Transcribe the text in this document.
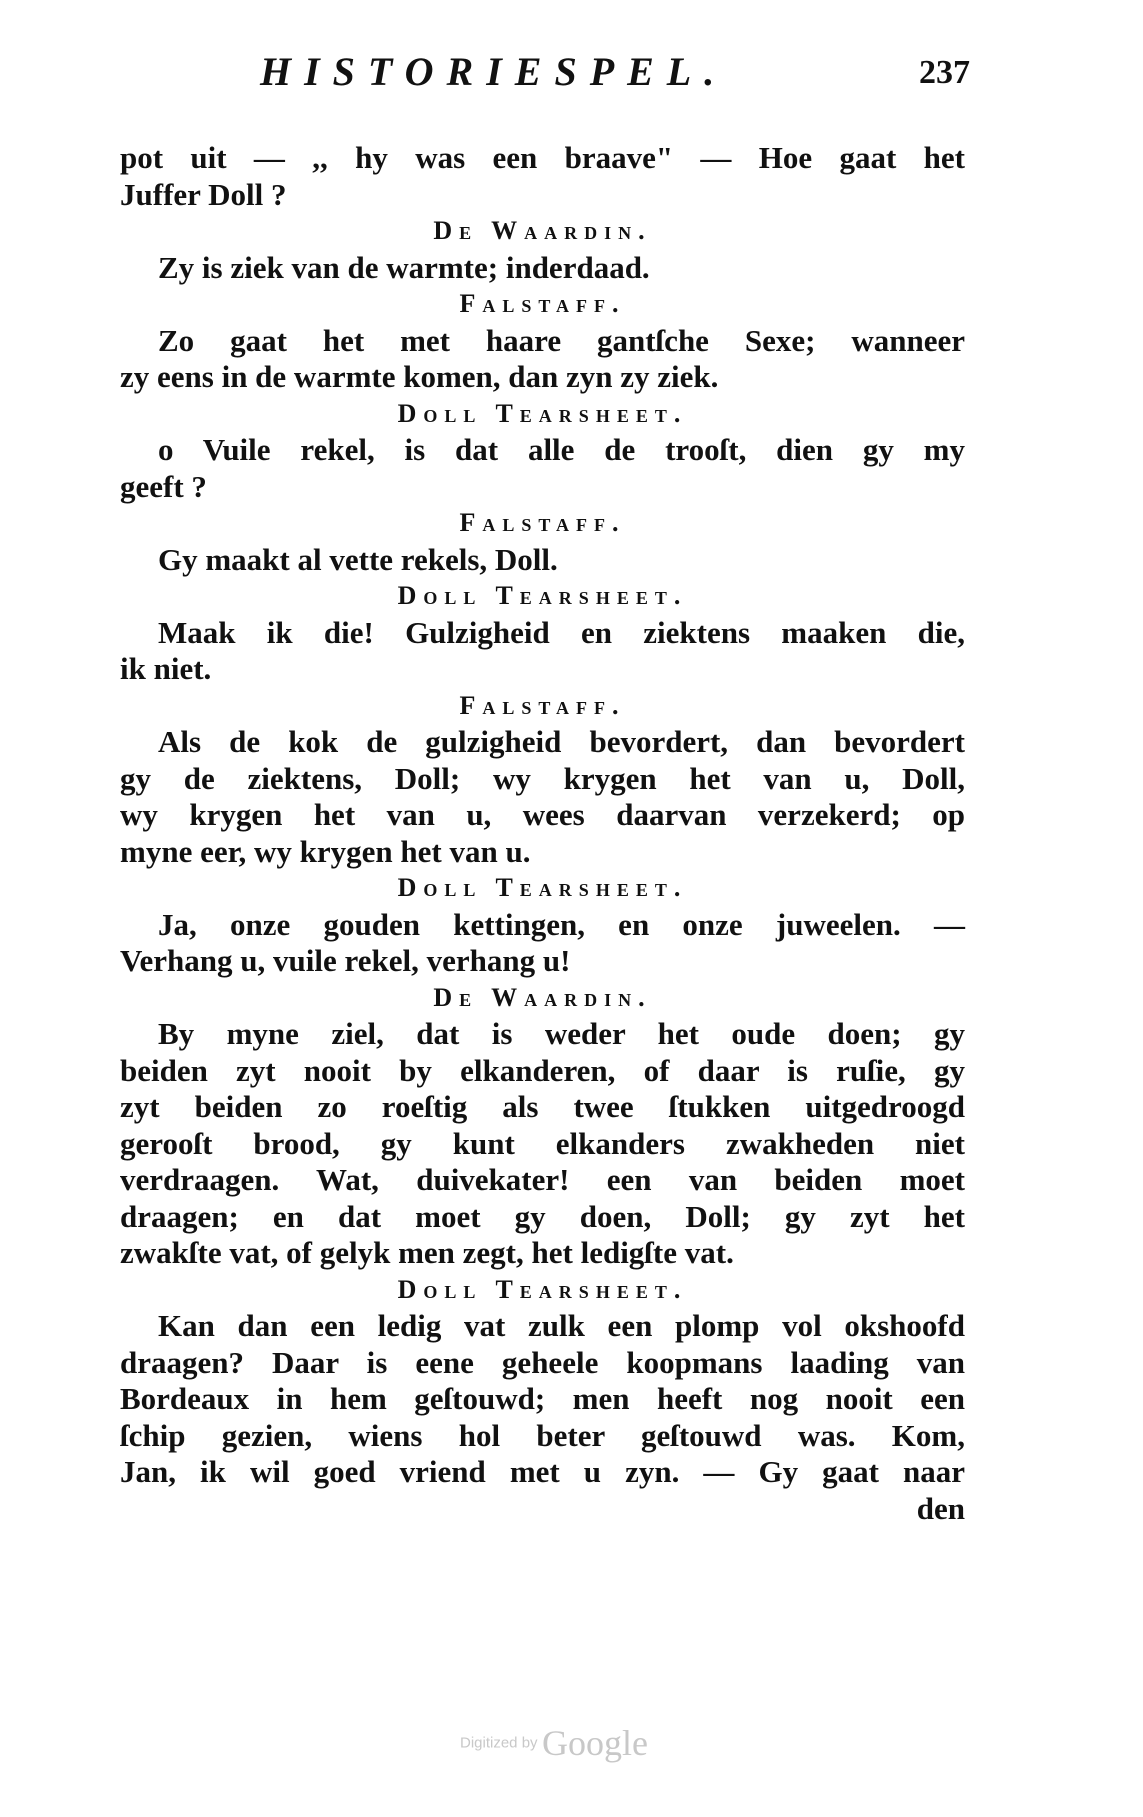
HISTORIESPEL.	237
pot uit — ,, hy was een braave" — Hoe gaat het
Juffer Doll ?
De Waardin.
Zy is ziek van de warmte; inderdaad.
Falstaff.
Zo gaat het met haare gantſche Sexe; wanneer
zy eens in de warmte komen, dan zyn zy ziek.
Doll Tearsheet.
o Vuile rekel, is dat alle de trooſt, dien gy my
geeft ?
Falstaff.
Gy maakt al vette rekels, Doll.
Doll Tearsheet.
Maak ik die! Gulzigheid en ziektens maaken die,
ik niet.
Falstaff.
Als de kok de gulzigheid bevordert, dan bevordert
gy de ziektens, Doll; wy krygen het van u, Doll,
wy krygen het van u, wees daarvan verzekerd; op
myne eer, wy krygen het van u.
Doll Tearsheet.
Ja, onze gouden kettingen, en onze juweelen. —
Verhang u, vuile rekel, verhang u!
De Waardin.
By myne ziel, dat is weder het oude doen; gy
beiden zyt nooit by elkanderen, of daar is ruſie, gy
zyt beiden zo roeſtig als twee ſtukken uitgedroogd
gerooſt brood, gy kunt elkanders zwakheden niet
verdraagen. Wat, duivekater! een van beiden moet
draagen; en dat moet gy doen, Doll; gy zyt het
zwakſte vat, of gelyk men zegt, het ledigſte vat.
Doll Tearsheet.
Kan dan een ledig vat zulk een plomp vol okshoofd
draagen? Daar is eene geheele koopmans laading van
Bordeaux in hem geſtouwd; men heeft nog nooit een
ſchip gezien, wiens hol beter geſtouwd was. Kom,
Jan, ik wil goed vriend met u zyn. — Gy gaat naar
den
Digitized by Google
